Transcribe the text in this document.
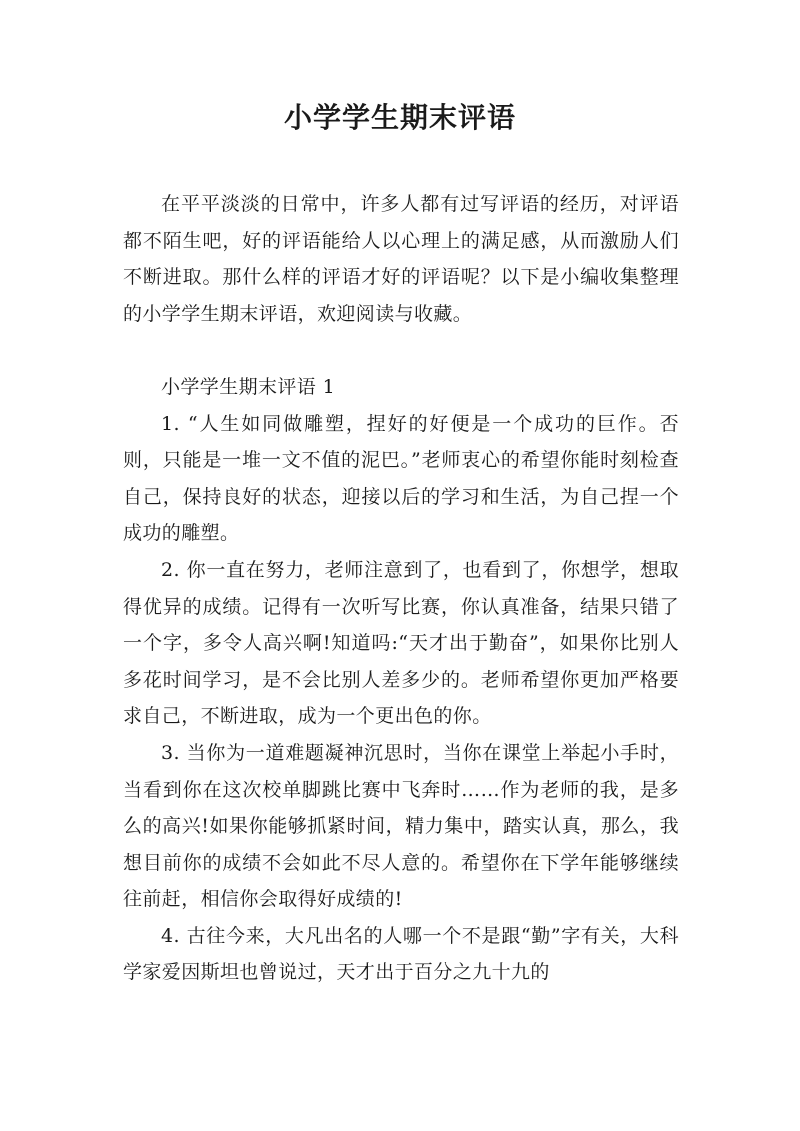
小学学生期末评语

在平平淡淡的日常中，许多人都有过写评语的经历，对评语都不陌生吧，好的评语能给人以心理上的满足感，从而激励人们不断进取。那什么样的评语才好的评语呢？以下是小编收集整理的小学学生期末评语，欢迎阅读与收藏。

小学学生期末评语 1

1. “人生如同做雕塑，捏好的好便是一个成功的巨作。否则，只能是一堆一文不值的泥巴。”老师衷心的希望你能时刻检查自己，保持良好的状态，迎接以后的学习和生活，为自己捏一个成功的雕塑。

2. 你一直在努力，老师注意到了，也看到了，你想学，想取得优异的成绩。记得有一次听写比赛，你认真准备，结果只错了一个字，多令人高兴啊!知道吗:“天才出于勤奋”，如果你比别人多花时间学习，是不会比别人差多少的。老师希望你更加严格要求自己，不断进取，成为一个更出色的你。

3. 当你为一道难题凝神沉思时，当你在课堂上举起小手时，当看到你在这次校单脚跳比赛中飞奔时……作为老师的我，是多么的高兴!如果你能够抓紧时间，精力集中，踏实认真，那么，我想目前你的成绩不会如此不尽人意的。希望你在下学年能够继续往前赶，相信你会取得好成绩的!

4. 古往今来，大凡出名的人哪一个不是跟“勤”字有关，大科学家爱因斯坦也曾说过，天才出于百分之九十九的
